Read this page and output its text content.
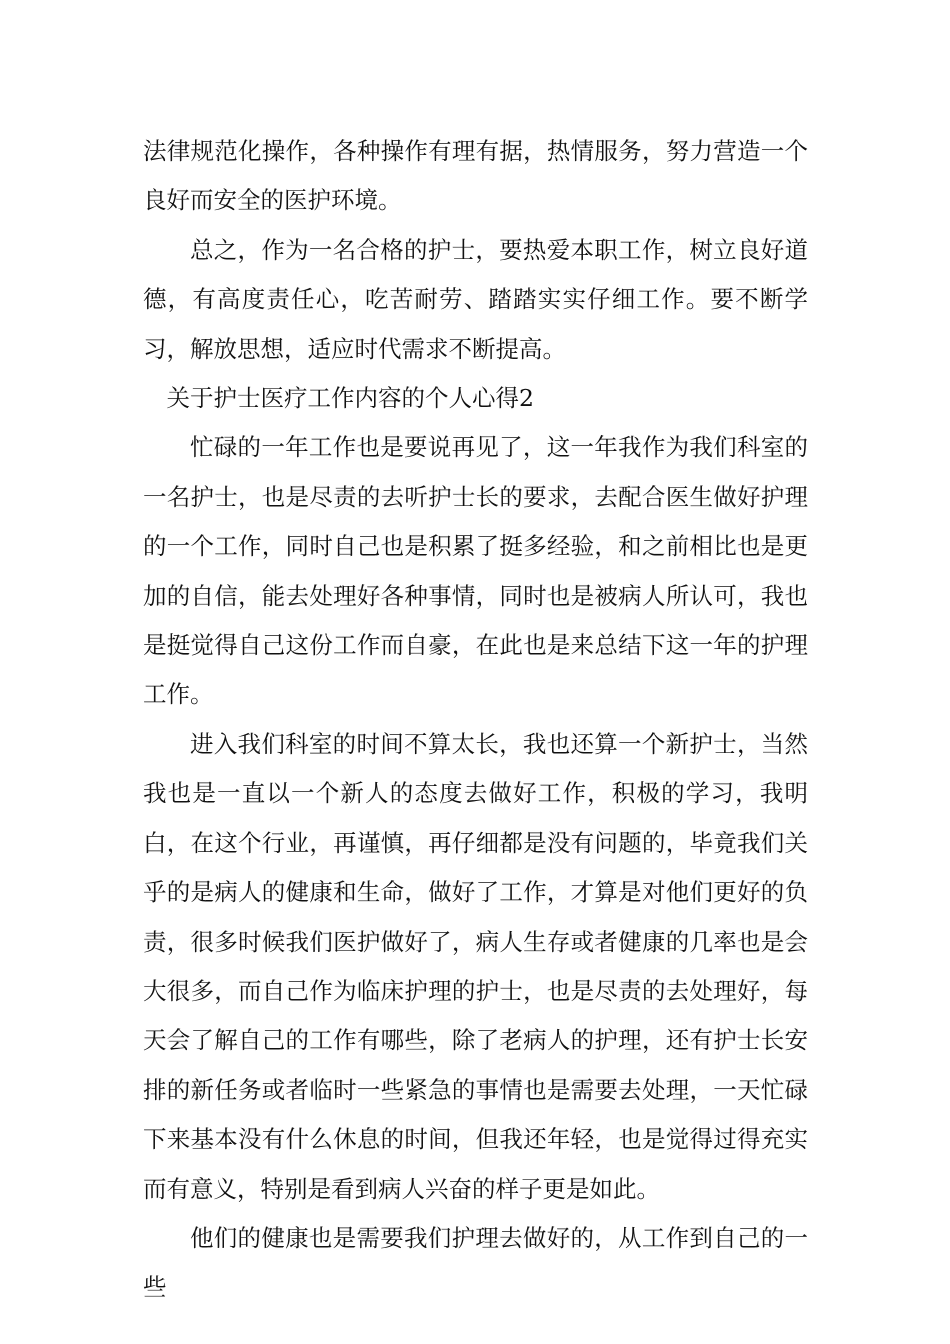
法律规范化操作，各种操作有理有据，热情服务，努力营造一个良好而安全的医护环境。

总之，作为一名合格的护士，要热爱本职工作，树立良好道德，有高度责任心，吃苦耐劳、踏踏实实仔细工作。要不断学习，解放思想，适应时代需求不断提高。

关于护士医疗工作内容的个人心得2

忙碌的一年工作也是要说再见了，这一年我作为我们科室的一名护士，也是尽责的去听护士长的要求，去配合医生做好护理的一个工作，同时自己也是积累了挺多经验，和之前相比也是更加的自信，能去处理好各种事情，同时也是被病人所认可，我也是挺觉得自己这份工作而自豪，在此也是来总结下这一年的护理工作。

进入我们科室的时间不算太长，我也还算一个新护士，当然我也是一直以一个新人的态度去做好工作，积极的学习，我明白，在这个行业，再谨慎，再仔细都是没有问题的，毕竟我们关乎的是病人的健康和生命，做好了工作，才算是对他们更好的负责，很多时候我们医护做好了，病人生存或者健康的几率也是会大很多，而自己作为临床护理的护士，也是尽责的去处理好，每天会了解自己的工作有哪些，除了老病人的护理，还有护士长安排的新任务或者临时一些紧急的事情也是需要去处理，一天忙碌下来基本没有什么休息的时间，但我还年轻，也是觉得过得充实而有意义，特别是看到病人兴奋的样子更是如此。

他们的健康也是需要我们护理去做好的，从工作到自己的一些
